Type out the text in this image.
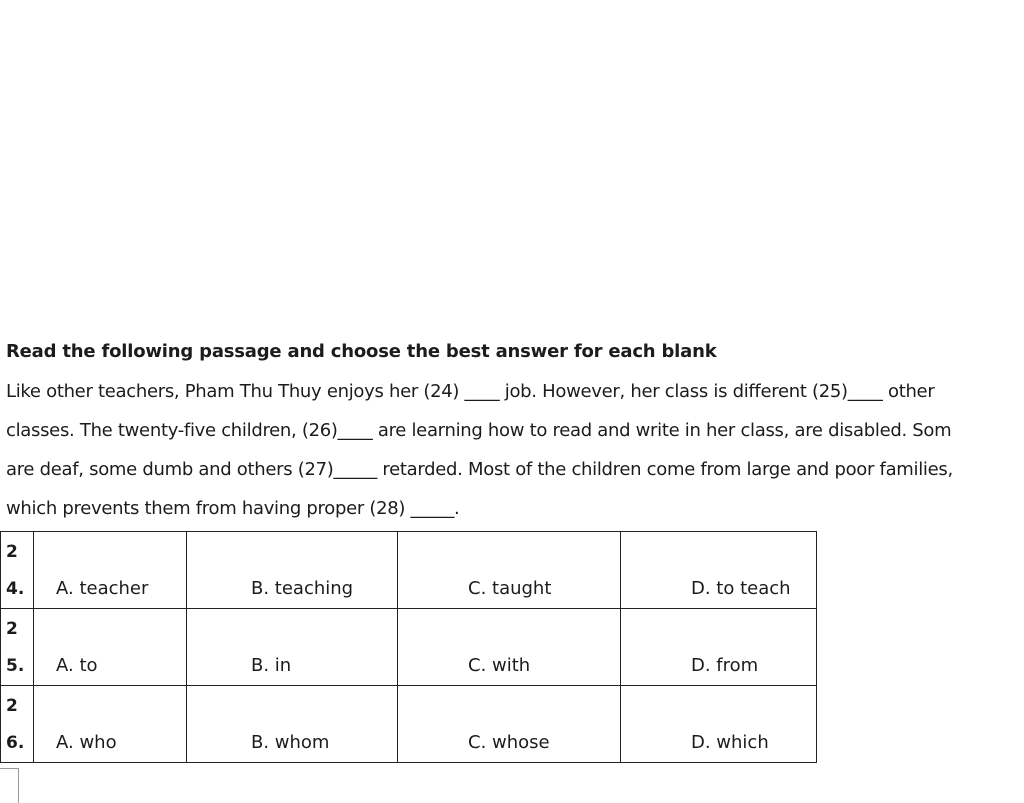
Read the following passage and choose the best answer for each blank
Like other teachers, Pham Thu Thuy enjoys her (24) ____ job. However, her class is different (25)____ other
classes. The twenty-five children, (26)____ are learning how to read and write in her class, are disabled. Som
are deaf, some dumb and others (27)_____ retarded. Most of the children come from large and poor families,
which prevents them from having proper (28) _____.
2
4.	A. teacher	B. teaching	C. taught	D. to teach

2
5.	A. to	B. in	C. with	D. from

2
6.	A. who	B. whom	C. whose	D. which
